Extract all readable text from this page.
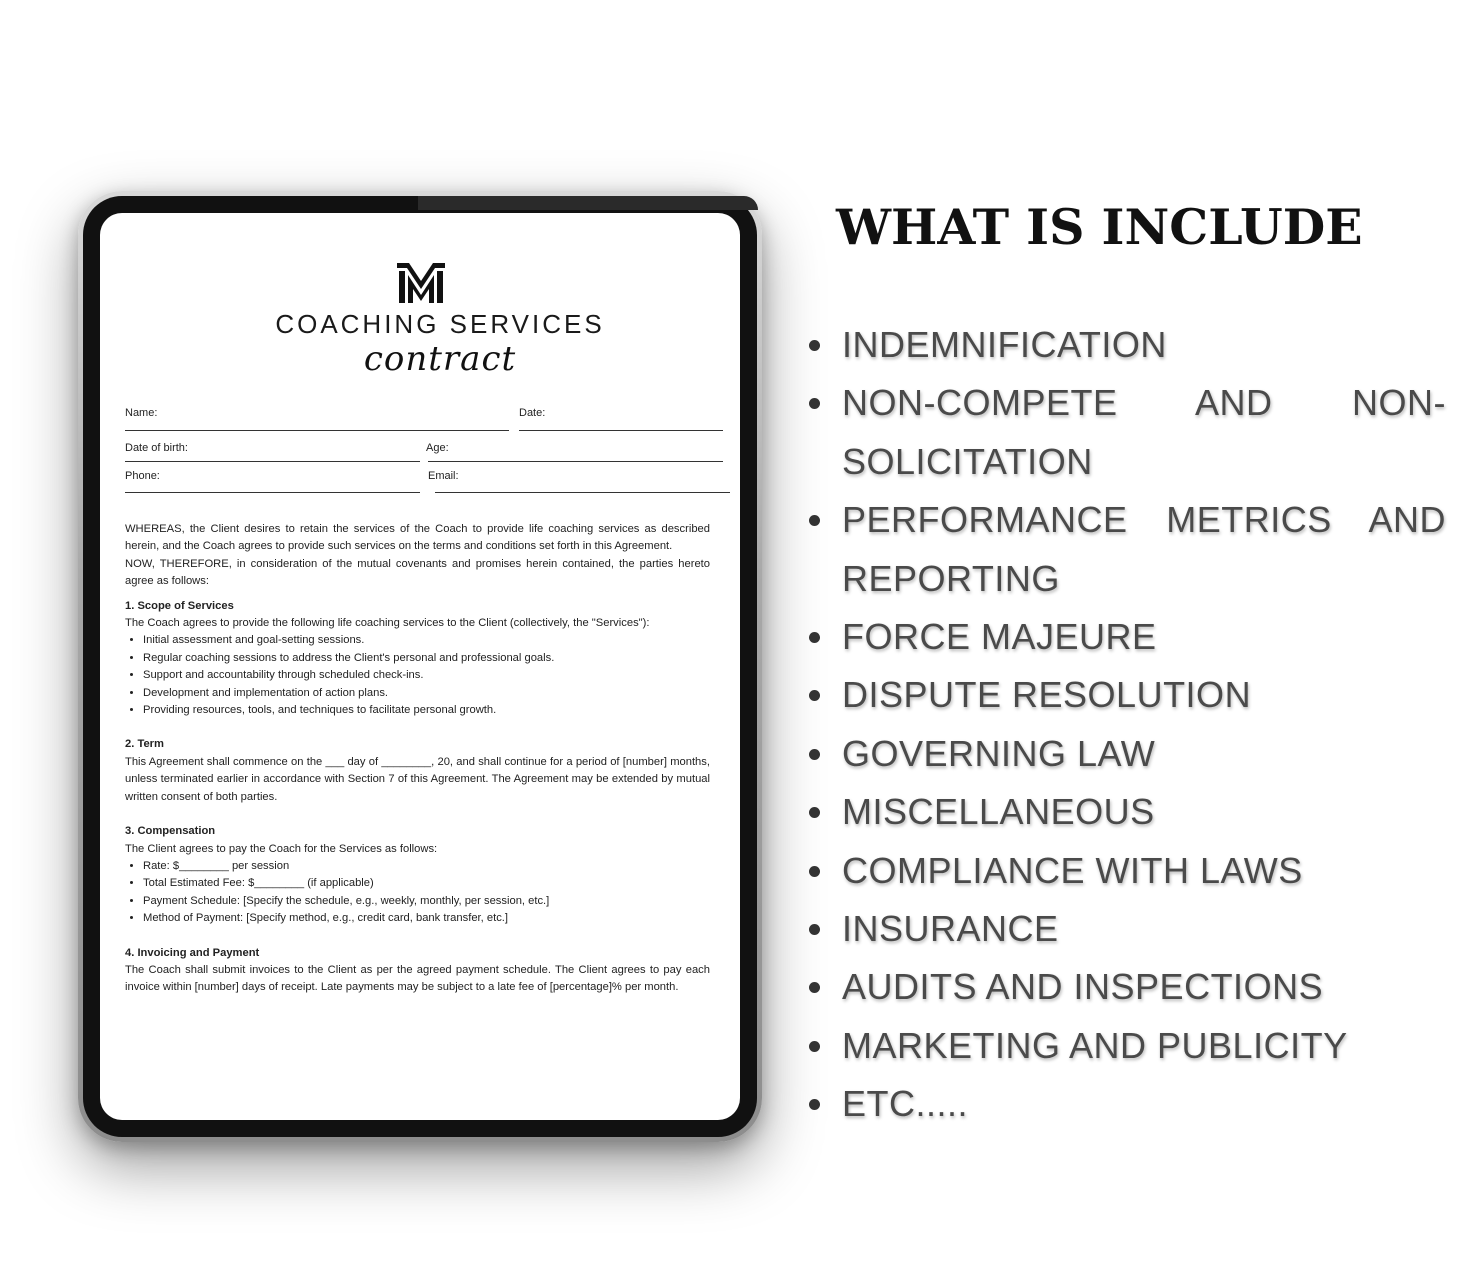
COACHING SERVICES
contract
Name:	Date:
Date of birth:	Age:
Phone:	Email:

WHEREAS, the Client desires to retain the services of the Coach to provide life coaching services as described herein, and the Coach agrees to provide such services on the terms and conditions set forth in this Agreement.

NOW, THEREFORE, in consideration of the mutual covenants and promises herein contained, the parties hereto agree as follows:

1. Scope of Services

The Coach agrees to provide the following life coaching services to the Client (collectively, the "Services"):

• Initial assessment and goal-setting sessions.
• Regular coaching sessions to address the Client's personal and professional goals.
• Support and accountability through scheduled check-ins.
• Development and implementation of action plans.
• Providing resources, tools, and techniques to facilitate personal growth.

2. Term

This Agreement shall commence on the ___ day of ________, 20, and shall continue for a period of [number] months, unless terminated earlier in accordance with Section 7 of this Agreement. The Agreement may be extended by mutual written consent of both parties.

3. Compensation

The Client agrees to pay the Coach for the Services as follows:

• Rate: $________ per session
• Total Estimated Fee: $________ (if applicable)
• Payment Schedule: [Specify the schedule, e.g., weekly, monthly, per session, etc.]
• Method of Payment: [Specify method, e.g., credit card, bank transfer, etc.]

4. Invoicing and Payment

The Coach shall submit invoices to the Client as per the agreed payment schedule. The Client agrees to pay each invoice within [number] days of receipt. Late payments may be subject to a late fee of [percentage]% per month.

WHAT IS INCLUDE
INDEMNIFICATION
NON-COMPETE AND NON-SOLICITATION
PERFORMANCE METRICS AND REPORTING
FORCE MAJEURE
DISPUTE RESOLUTION
GOVERNING LAW
MISCELLANEOUS
COMPLIANCE WITH LAWS
INSURANCE
AUDITS AND INSPECTIONS
MARKETING AND PUBLICITY
ETC.....
